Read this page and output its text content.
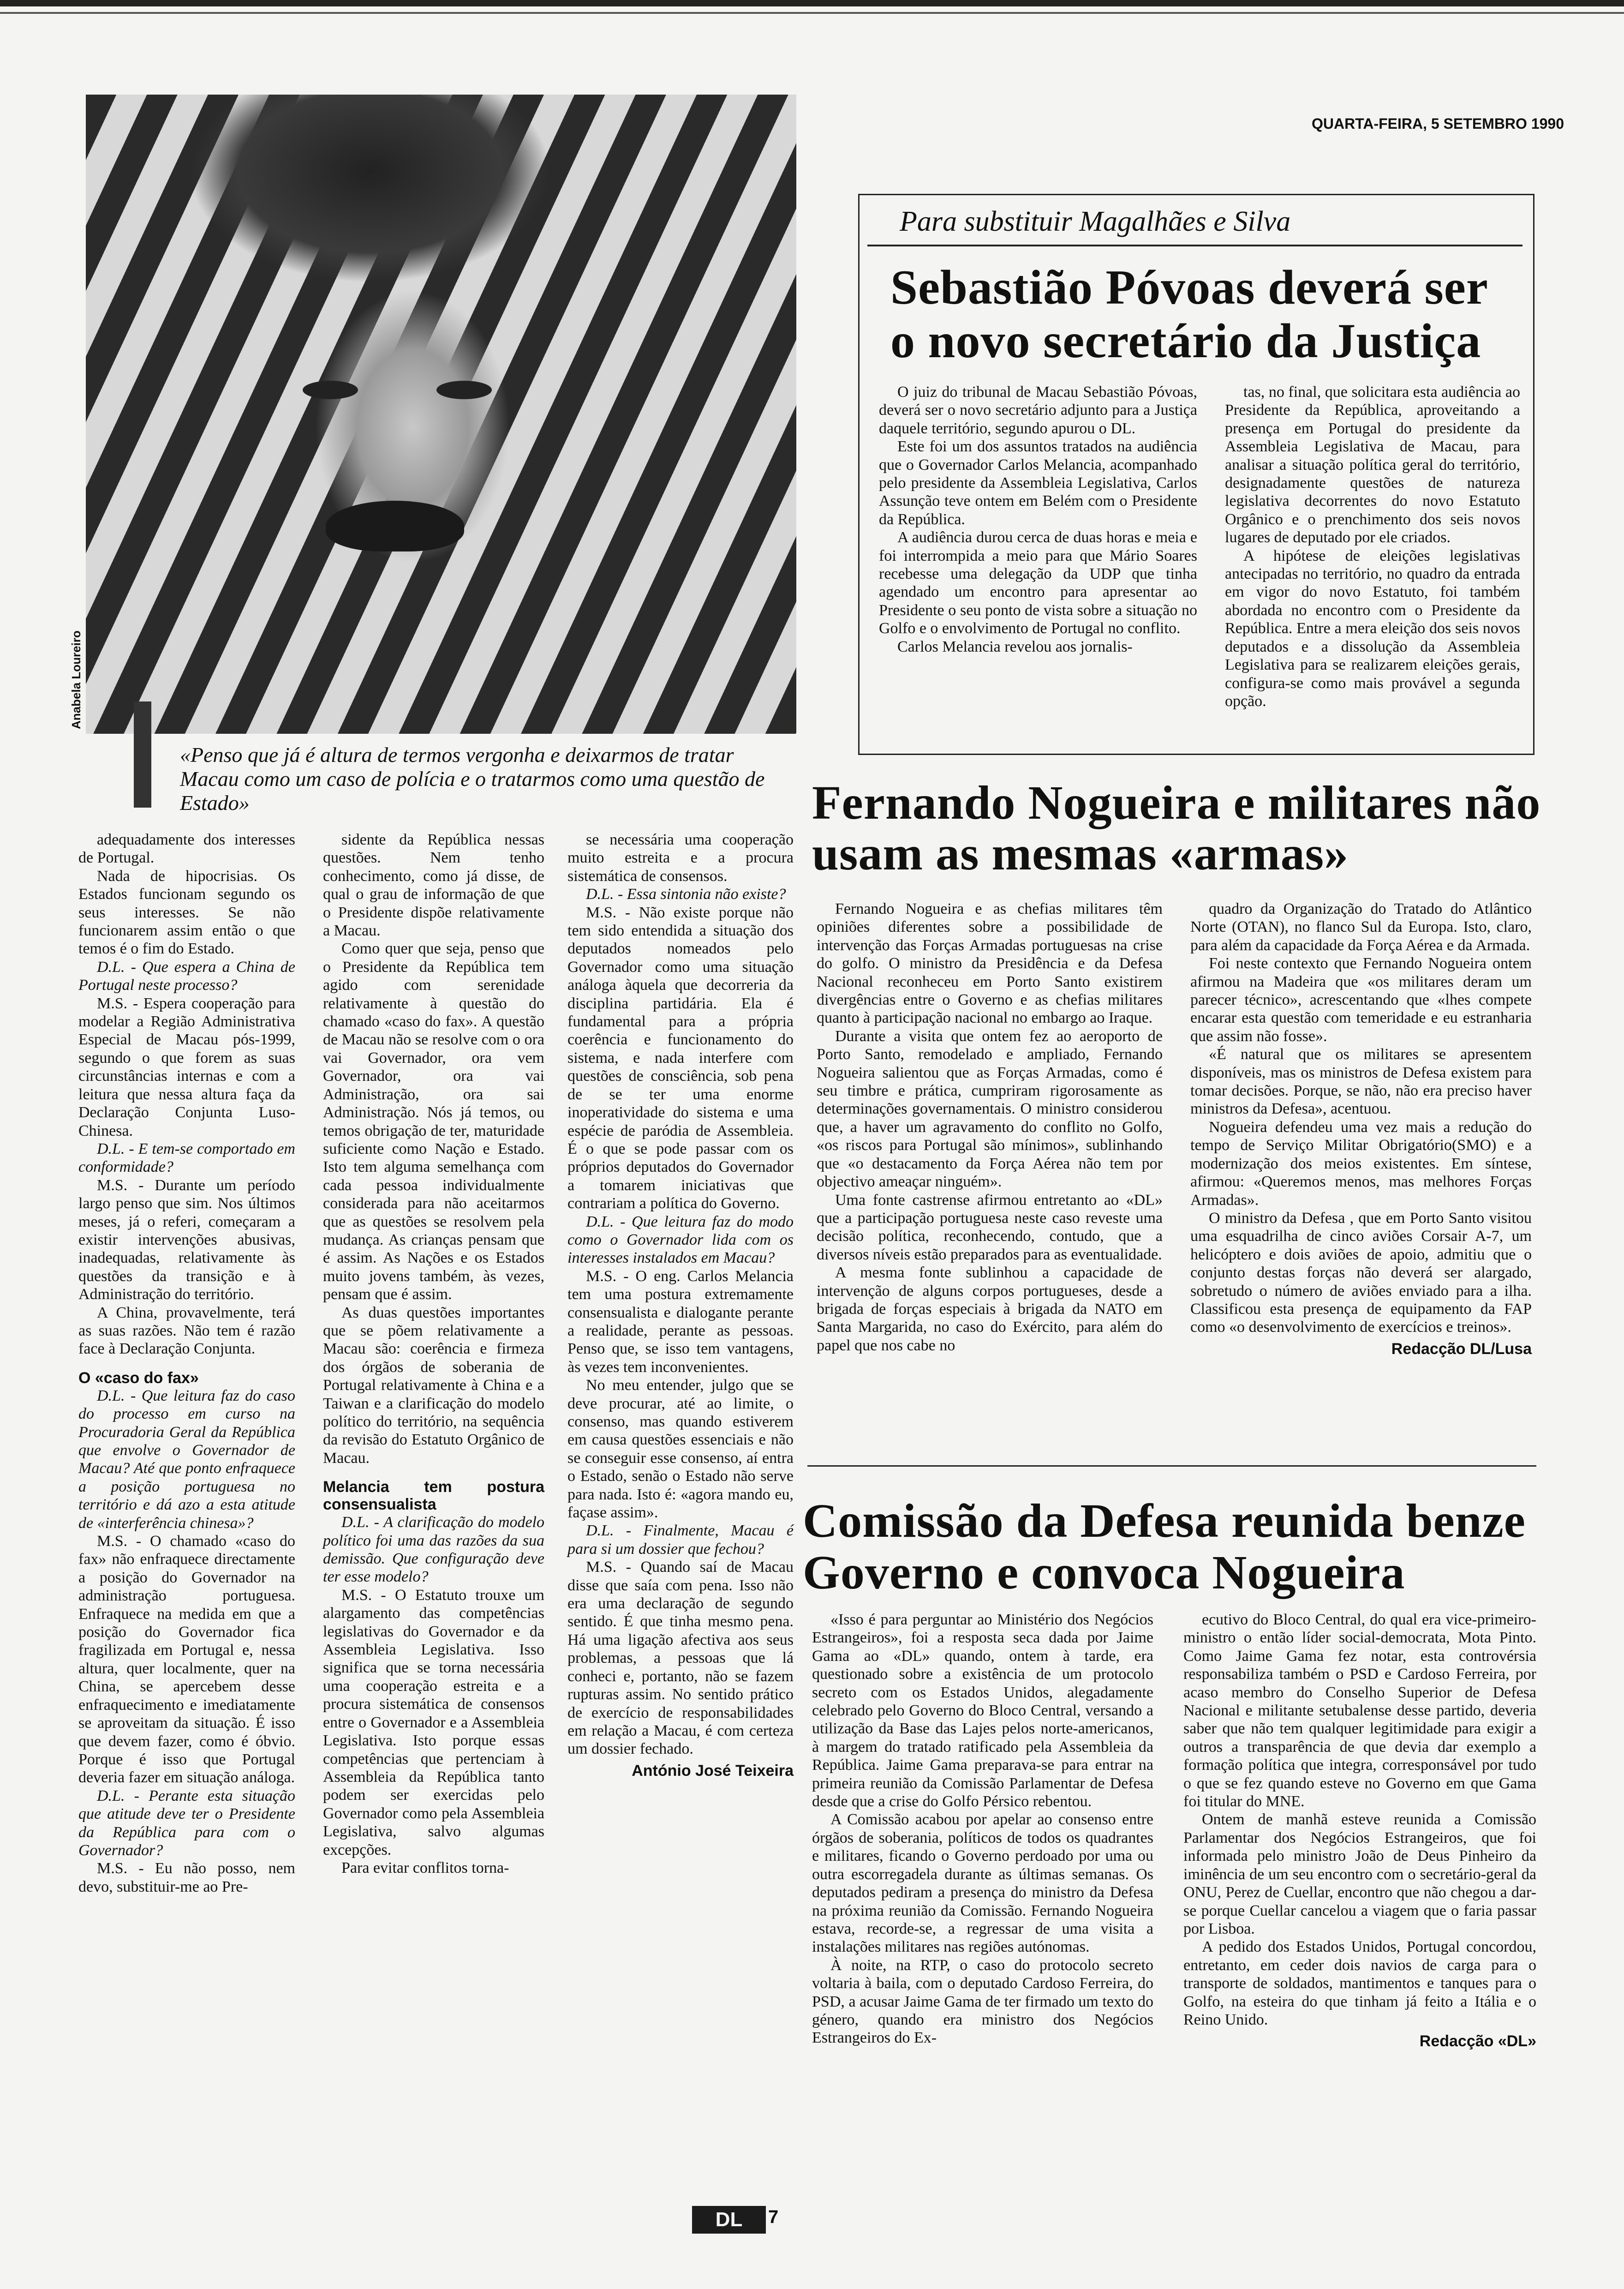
Anabela Loureiro
«Penso que já é altura de termos vergonha e deixarmos de tratar Macau como um caso de polícia e o tratarmos como uma questão de Estado»
QUARTA-FEIRA, 5 SETEMBRO 1990
Para substituir Magalhães e Silva
Sebastião Póvoas deverá ser o novo secretário da Justiça

O juiz do tribunal de Macau Sebastião Póvoas, deverá ser o novo secretário adjunto para a Justiça daquele território, segundo apurou o DL.

Este foi um dos assuntos tratados na audiência que o Governador Carlos Melancia, acompanhado pelo presidente da Assembleia Legislativa, Carlos Assunção teve ontem em Belém com o Presidente da República.

A audiência durou cerca de duas horas e meia e foi interrompida a meio para que Mário Soares recebesse uma delegação da UDP que tinha agendado um encontro para apresentar ao Presidente o seu ponto de vista sobre a situação no Golfo e o envolvimento de Portugal no conflito.

Carlos Melancia revelou aos jornalis-

tas, no final, que solicitara esta audiência ao Presidente da República, aproveitando a presença em Portugal do presidente da Assembleia Legislativa de Macau, para analisar a situação política geral do território, designadamente questões de natureza legislativa decorrentes do novo Estatuto Orgânico e o prenchimento dos seis novos lugares de deputado por ele criados.

A hipótese de eleições legislativas antecipadas no território, no quadro da entrada em vigor do novo Estatuto, foi também abordada no encontro com o Presidente da República. Entre a mera eleição dos seis novos deputados e a dissolução da Assembleia Legislativa para se realizarem eleições gerais, configura-se como mais provável a segunda opção.

Fernando Nogueira e militares não usam as mesmas «armas»

Fernando Nogueira e as chefias militares têm opiniões diferentes sobre a possibilidade de intervenção das Forças Armadas portuguesas na crise do golfo. O ministro da Presidência e da Defesa Nacional reconheceu em Porto Santo existirem divergências entre o Governo e as chefias militares quanto à participação nacional no embargo ao Iraque.

Durante a visita que ontem fez ao aeroporto de Porto Santo, remodelado e ampliado, Fernando Nogueira salientou que as Forças Armadas, como é seu timbre e prática, cumpriram rigorosamente as determinações governamentais. O ministro considerou que, a haver um agravamento do conflito no Golfo, «os riscos para Portugal são mínimos», sublinhando que «o destacamento da Força Aérea não tem por objectivo ameaçar ninguém».

Uma fonte castrense afirmou entretanto ao «DL» que a participação portuguesa neste caso reveste uma decisão política, reconhecendo, contudo, que a diversos níveis estão preparados para as eventualidade.

A mesma fonte sublinhou a capacidade de intervenção de alguns corpos portugueses, desde a brigada de forças especiais à brigada da NATO em Santa Margarida, no caso do Exército, para além do papel que nos cabe no

quadro da Organização do Tratado do Atlântico Norte (OTAN), no flanco Sul da Europa. Isto, claro, para além da capacidade da Força Aérea e da Armada.

Foi neste contexto que Fernando Nogueira ontem afirmou na Madeira que «os militares deram um parecer técnico», acrescentando que «lhes compete encarar esta questão com temeridade e eu estranharia que assim não fosse».

«É natural que os militares se apresentem disponíveis, mas os ministros de Defesa existem para tomar decisões. Porque, se não, não era preciso haver ministros da Defesa», acentuou.

Nogueira defendeu uma vez mais a redução do tempo de Serviço Militar Obrigatório(SMO) e a modernização dos meios existentes. Em síntese, afirmou: «Queremos menos, mas melhores Forças Armadas».

O ministro da Defesa , que em Porto Santo visitou uma esquadrilha de cinco aviões Corsair A-7, um helicóptero e dois aviões de apoio, admitiu que o conjunto destas forças não deverá ser alargado, sobretudo o número de aviões enviado para a ilha. Classificou esta presença de equipamento da FAP como «o desenvolvimento de exercícios e treinos».

Redacção DL/Lusa

Comissão da Defesa reunida benze Governo e convoca Nogueira

«Isso é para perguntar ao Ministério dos Negócios Estrangeiros», foi a resposta seca dada por Jaime Gama ao «DL» quando, ontem à tarde, era questionado sobre a existência de um protocolo secreto com os Estados Unidos, alegadamente celebrado pelo Governo do Bloco Central, versando a utilização da Base das Lajes pelos norte-americanos, à margem do tratado ratificado pela Assembleia da República. Jaime Gama preparava-se para entrar na primeira reunião da Comissão Parlamentar de Defesa desde que a crise do Golfo Pérsico rebentou.

A Comissão acabou por apelar ao consenso entre órgãos de soberania, políticos de todos os quadrantes e militares, ficando o Governo perdoado por uma ou outra escorregadela durante as últimas semanas. Os deputados pediram a presença do ministro da Defesa na próxima reunião da Comissão. Fernando Nogueira estava, recorde-se, a regressar de uma visita a instalações militares nas regiões autónomas.

À noite, na RTP, o caso do protocolo secreto voltaria à baila, com o deputado Cardoso Ferreira, do PSD, a acusar Jaime Gama de ter firmado um texto do género, quando era ministro dos Negócios Estrangeiros do Ex-

ecutivo do Bloco Central, do qual era vice-primeiro-ministro o então líder social-democrata, Mota Pinto. Como Jaime Gama fez notar, esta controvérsia responsabiliza também o PSD e Cardoso Ferreira, por acaso membro do Conselho Superior de Defesa Nacional e militante setubalense desse partido, deveria saber que não tem qualquer legitimidade para exigir a outros a transparência de que devia dar exemplo a formação política que integra, corresponsável por tudo o que se fez quando esteve no Governo em que Gama foi titular do MNE.

Ontem de manhã esteve reunida a Comissão Parlamentar dos Negócios Estrangeiros, que foi informada pelo ministro João de Deus Pinheiro da iminência de um seu encontro com o secretário-geral da ONU, Perez de Cuellar, encontro que não chegou a dar-se porque Cuellar cancelou a viagem que o faria passar por Lisboa.

A pedido dos Estados Unidos, Portugal concordou, entretanto, em ceder dois navios de carga para o transporte de soldados, mantimentos e tanques para o Golfo, na esteira do que tinham já feito a Itália e o Reino Unido.

Redacção «DL»

adequadamente dos interesses de Portugal.

Nada de hipocrisias. Os Estados funcionam segundo os seus interesses. Se não funcionarem assim então o que temos é o fim do Estado.

D.L. - Que espera a China de Portugal neste processo?

M.S. - Espera cooperação para modelar a Região Administrativa Especial de Macau pós-1999, segundo o que forem as suas circunstâncias internas e com a leitura que nessa altura faça da Declaração Conjunta Luso-Chinesa.

D.L. - E tem-se comportado em conformidade?

M.S. - Durante um período largo penso que sim. Nos últimos meses, já o referi, começaram a existir intervenções abusivas, inadequadas, relativamente às questões da transição e à Administração do território.

A China, provavelmente, terá as suas razões. Não tem é razão face à Declaração Conjunta.

O «caso do fax»

D.L. - Que leitura faz do caso do processo em curso na Procuradoria Geral da República que envolve o Governador de Macau? Até que ponto enfraquece a posição portuguesa no território e dá azo a esta atitude de «interferência chinesa»?

M.S. - O chamado «caso do fax» não enfraquece directamente a posição do Governador na administração portuguesa. Enfraquece na medida em que a posição do Governador fica fragilizada em Portugal e, nessa altura, quer localmente, quer na China, se apercebem desse enfraquecimento e imediatamente se aproveitam da situação. É isso que devem fazer, como é óbvio. Porque é isso que Portugal deveria fazer em situação análoga.

D.L. - Perante esta situação que atitude deve ter o Presidente da República para com o Governador?

M.S. - Eu não posso, nem devo, substituir-me ao Pre-

sidente da República nessas questões. Nem tenho conhecimento, como já disse, de qual o grau de informação de que o Presidente dispõe relativamente a Macau.

Como quer que seja, penso que o Presidente da República tem agido com serenidade relativamente à questão do chamado «caso do fax». A questão de Macau não se resolve com o ora vai Governador, ora vem Governador, ora vai Administração, ora sai Administração. Nós já temos, ou temos obrigação de ter, maturidade suficiente como Nação e Estado. Isto tem alguma semelhança com cada pessoa individualmente considerada para não aceitarmos que as questões se resolvem pela mudança. As crianças pensam que é assim. As Nações e os Estados muito jovens também, às vezes, pensam que é assim.

As duas questões importantes que se põem relativamente a Macau são: coerência e firmeza dos órgãos de soberania de Portugal relativamente à China e a Taiwan e a clarificação do modelo político do território, na sequência da revisão do Estatuto Orgânico de Macau.

Melancia tem postura consensualista

D.L. - A clarificação do modelo político foi uma das razões da sua demissão. Que configuração deve ter esse modelo?

M.S. - O Estatuto trouxe um alargamento das competências legislativas do Governador e da Assembleia Legislativa. Isso significa que se torna necessária uma cooperação estreita e a procura sistemática de consensos entre o Governador e a Assembleia Legislativa. Isto porque essas competências que pertenciam à Assembleia da República tanto podem ser exercidas pelo Governador como pela Assembleia Legislativa, salvo algumas excepções.

Para evitar conflitos torna-

se necessária uma cooperação muito estreita e a procura sistemática de consensos.

D.L. - Essa sintonia não existe?

M.S. - Não existe porque não tem sido entendida a situação dos deputados nomeados pelo Governador como uma situação análoga àquela que decorreria da disciplina partidária. Ela é fundamental para a própria coerência e funcionamento do sistema, e nada interfere com questões de consciência, sob pena de se ter uma enorme inoperatividade do sistema e uma espécie de paródia de Assembleia. É o que se pode passar com os próprios deputados do Governador a tomarem iniciativas que contrariam a política do Governo.

D.L. - Que leitura faz do modo como o Governador lida com os interesses instalados em Macau?

M.S. - O eng. Carlos Melancia tem uma postura extremamente consensualista e dialogante perante a realidade, perante as pessoas. Penso que, se isso tem vantagens, às vezes tem inconvenientes.

No meu entender, julgo que se deve procurar, até ao limite, o consenso, mas quando estiverem em causa questões essenciais e não se conseguir esse consenso, aí entra o Estado, senão o Estado não serve para nada. Isto é: «agora mando eu, façase assim».

D.L. - Finalmente, Macau é para si um dossier que fechou?

M.S. - Quando saí de Macau disse que saía com pena. Isso não era uma declaração de segundo sentido. É que tinha mesmo pena. Há uma ligação afectiva aos seus problemas, a pessoas que lá conheci e, portanto, não se fazem rupturas assim. No sentido prático de exercício de responsabilidades em relação a Macau, é com certeza um dossier fechado.

António José Teixeira

DL	7
